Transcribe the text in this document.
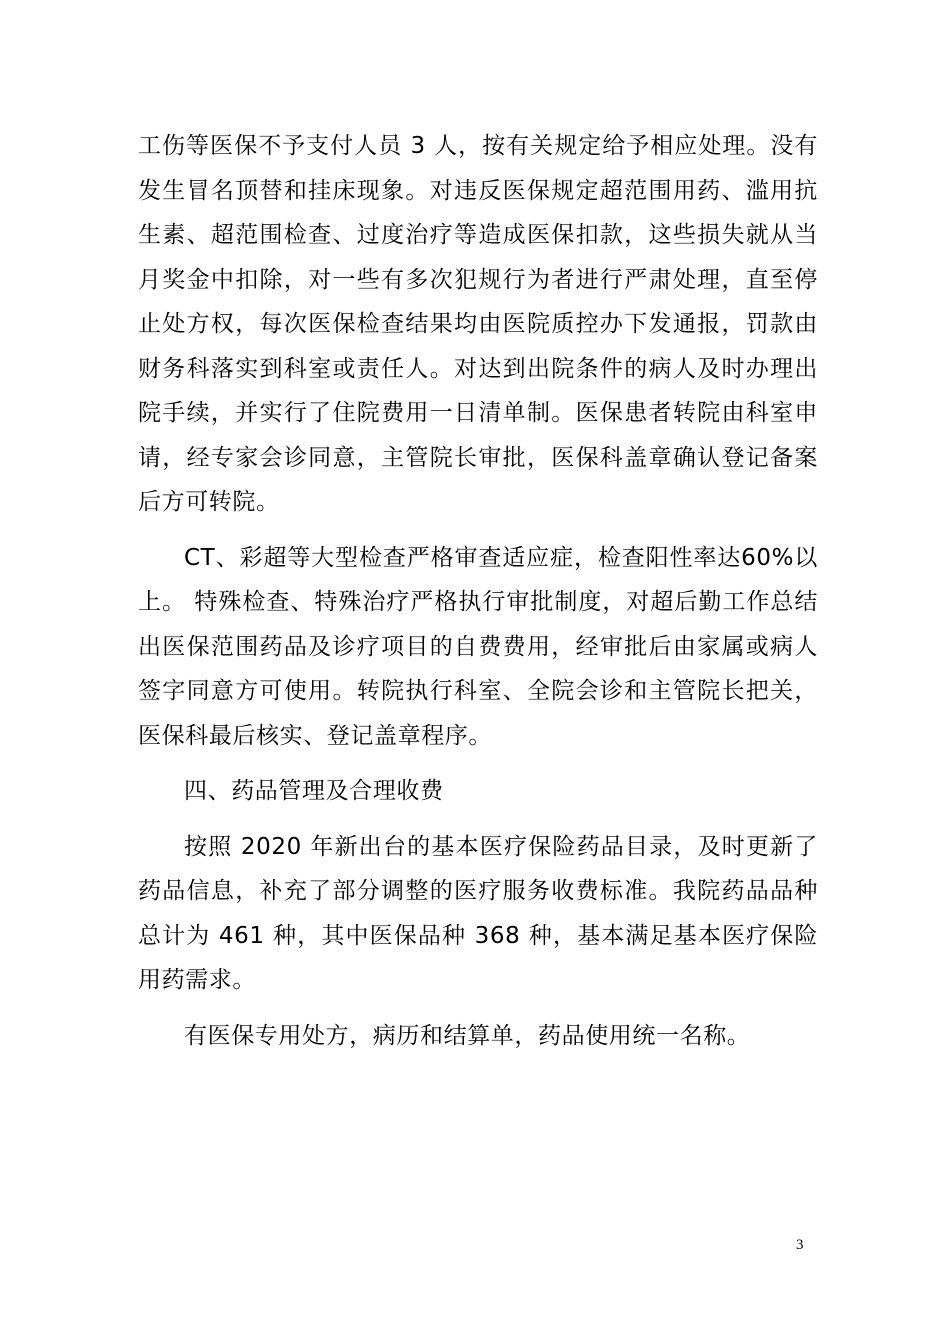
工伤等医保不予支付人员 3 人，按有关规定给予相应处理。没有发生冒名顶替和挂床现象。对违反医保规定超范围用药、滥用抗生素、超范围检查、过度治疗等造成医保扣款，这些损失就从当月奖金中扣除，对一些有多次犯规行为者进行严肃处理，直至停止处方权，每次医保检查结果均由医院质控办下发通报，罚款由财务科落实到科室或责任人。对达到出院条件的病人及时办理出院手续，并实行了住院费用一日清单制。医保患者转院由科室申请，经专家会诊同意，主管院长审批，医保科盖章确认登记备案后方可转院。

CT、彩超等大型检查严格审查适应症，检查阳性率达60%以上。 特殊检查、特殊治疗严格执行审批制度，对超后勤工作总结 出医保范围药品及诊疗项目的自费费用，经审批后由家属或病人签字同意方可使用。转院执行科室、全院会诊和主管院长把关，医保科最后核实、登记盖章程序。

四、药品管理及合理收费

按照 2020 年新出台的基本医疗保险药品目录，及时更新了药品信息，补充了部分调整的医疗服务收费标准。我院药品品种总计为 461 种，其中医保品种 368 种，基本满足基本医疗保险用药需求。

有医保专用处方，病历和结算单，药品使用统一名称。

3
